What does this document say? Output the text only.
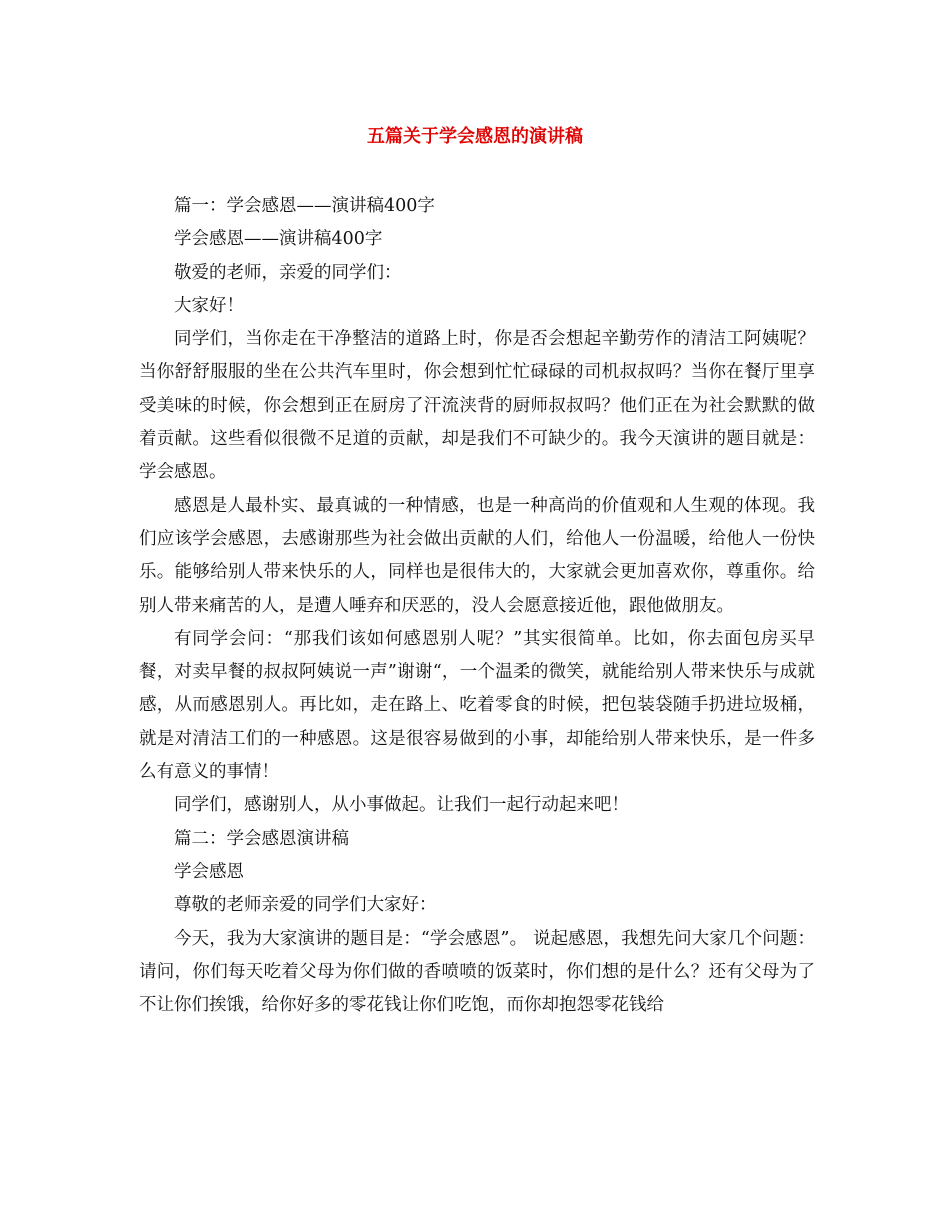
五篇关于学会感恩的演讲稿

篇一：学会感恩——演讲稿400字

学会感恩——演讲稿400字

敬爱的老师，亲爱的同学们：

大家好！

同学们，当你走在干净整洁的道路上时，你是否会想起辛勤劳作的清洁工阿姨呢？当你舒舒服服的坐在公共汽车里时，你会想到忙忙碌碌的司机叔叔吗？当你在餐厅里享受美味的时候，你会想到正在厨房了汗流浃背的厨师叔叔吗？他们正在为社会默默的做着贡献。这些看似很微不足道的贡献，却是我们不可缺少的。我今天演讲的题目就是：学会感恩。

感恩是人最朴实、最真诚的一种情感，也是一种高尚的价值观和人生观的体现。我们应该学会感恩，去感谢那些为社会做出贡献的人们，给他人一份温暖，给他人一份快乐。能够给别人带来快乐的人，同样也是很伟大的，大家就会更加喜欢你，尊重你。给别人带来痛苦的人，是遭人唾弃和厌恶的，没人会愿意接近他，跟他做朋友。

有同学会问：“那我们该如何感恩别人呢？”其实很简单。比如，你去面包房买早餐，对卖早餐的叔叔阿姨说一声”谢谢“，一个温柔的微笑，就能给别人带来快乐与成就感，从而感恩别人。再比如，走在路上、吃着零食的时候，把包装袋随手扔进垃圾桶，就是对清洁工们的一种感恩。这是很容易做到的小事，却能给别人带来快乐，是一件多么有意义的事情！

同学们，感谢别人，从小事做起。让我们一起行动起来吧！

篇二：学会感恩演讲稿

学会感恩

尊敬的老师亲爱的同学们大家好：

今天，我为大家演讲的题目是：“学会感恩”。 说起感恩，我想先问大家几个问题：请问，你们每天吃着父母为你们做的香喷喷的饭菜时，你们想的是什么？还有父母为了不让你们挨饿，给你好多的零花钱让你们吃饱，而你却抱怨零花钱给
